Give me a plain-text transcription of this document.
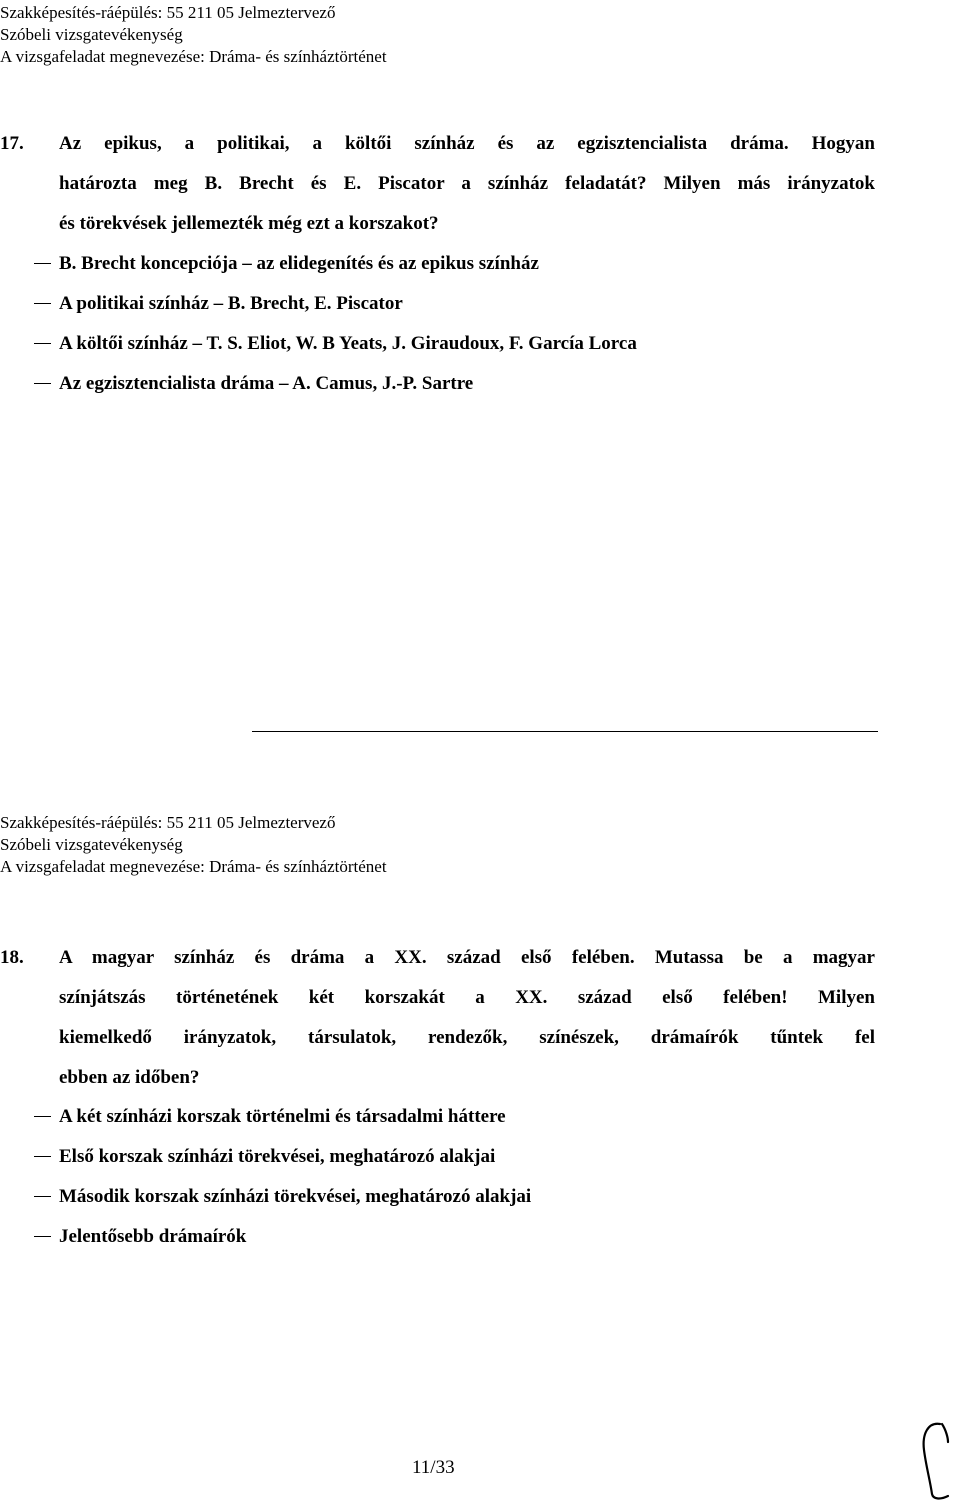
Szakképesítés-ráépülés: 55 211 05 Jelmeztervező
Szóbeli vizsgatevékenység
A vizsgafeladat megnevezése: Dráma- és színháztörténet
17. Az epikus, a politikai, a költői színház és az egzisztencialista dráma. Hogyan
határozta meg B. Brecht és E. Piscator a színház feladatát? Milyen más irányzatok
és törekvések jellemezték még ezt a korszakot?
B. Brecht koncepciója – az elidegenítés és az epikus színház
A politikai színház – B. Brecht, E. Piscator
A költői színház – T. S. Eliot, W. B Yeats, J. Giraudoux, F. García Lorca
Az egzisztencialista dráma – A. Camus, J.-P. Sartre
Szakképesítés-ráépülés: 55 211 05 Jelmeztervező
Szóbeli vizsgatevékenység
A vizsgafeladat megnevezése: Dráma- és színháztörténet
18. A magyar színház és dráma a XX. század első felében. Mutassa be a magyar
színjátszás történetének két korszakát a XX. század első felében! Milyen
kiemelkedő irányzatok, társulatok, rendezők, színészek, drámaírók tűntek fel
ebben az időben?
A két színházi korszak történelmi és társadalmi háttere
Első korszak színházi törekvései, meghatározó alakjai
Második korszak színházi törekvései, meghatározó alakjai
Jelentősebb drámaírók
11/33
